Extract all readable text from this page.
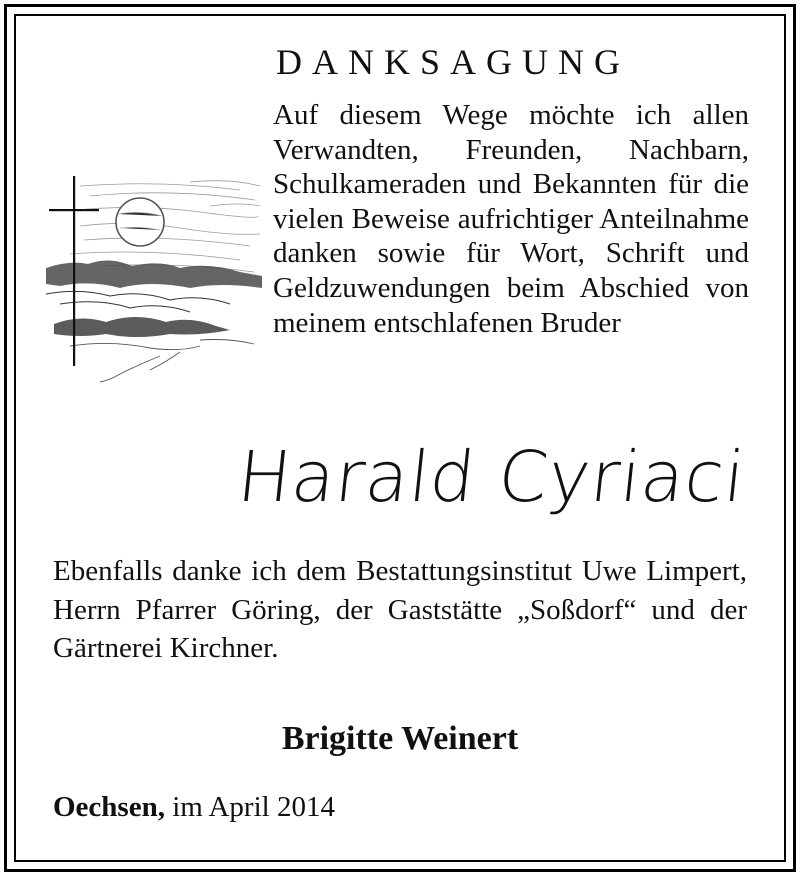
DANKSAGUNG
Auf diesem Wege möchte ich allen Verwandten, Freunden, Nachbarn, Schulkameraden und Bekannten für die vielen Beweise aufrichtiger Anteilnahme danken sowie für Wort, Schrift und Geldzuwendungen beim Abschied von meinem entschlafenen Bruder
Harald Cyriaci
Ebenfalls danke ich dem Bestattungsinstitut Uwe Limpert, Herrn Pfarrer Göring, der Gaststätte „Soßdorf“ und der Gärtnerei Kirchner.
Brigitte Weinert
Oechsen, im April 2014
